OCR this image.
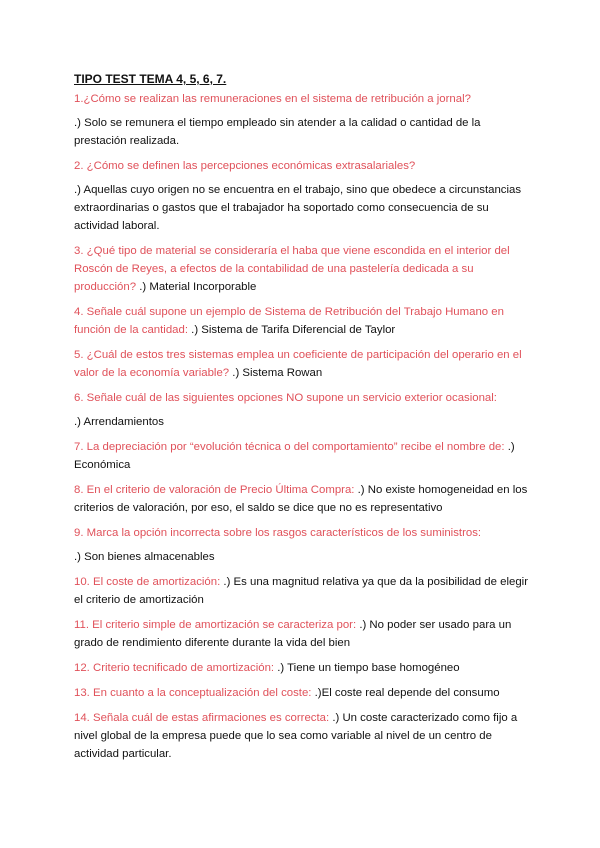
TIPO TEST TEMA 4, 5, 6, 7.

1.¿Cómo se realizan las remuneraciones en el sistema de retribución a jornal?
.) Solo se remunera el tiempo empleado sin atender a la calidad o cantidad de la prestación realizada.
2. ¿Cómo se definen las percepciones económicas extrasalariales?
.) Aquellas cuyo origen no se encuentra en el trabajo, sino que obedece a circunstancias extraordinarias o gastos que el trabajador ha soportado como consecuencia de su actividad laboral.
3. ¿Qué tipo de material se consideraría el haba que viene escondida en el interior del Roscón de Reyes, a efectos de la contabilidad de una pastelería dedicada a su producción? .) Material Incorporable
4. Señale cuál supone un ejemplo de Sistema de Retribución del Trabajo Humano en función de la cantidad: .) Sistema de Tarifa Diferencial de Taylor
5. ¿Cuál de estos tres sistemas emplea un coeficiente de participación del operario en el valor de la economía variable? .) Sistema Rowan
6. Señale cuál de las siguientes opciones NO supone un servicio exterior ocasional:
.) Arrendamientos
7. La depreciación por “evolución técnica o del comportamiento” recibe el nombre de: .) Económica
8. En el criterio de valoración de Precio Última Compra: .) No existe homogeneidad en los criterios de valoración, por eso, el saldo se dice que no es representativo
9. Marca la opción incorrecta sobre los rasgos característicos de los suministros:
.) Son bienes almacenables
10. El coste de amortización: .) Es una magnitud relativa ya que da la posibilidad de elegir el criterio de amortización
11. El criterio simple de amortización se caracteriza por: .) No poder ser usado para un grado de rendimiento diferente durante la vida del bien
12. Criterio tecnificado de amortización: .) Tiene un tiempo base homogéneo
13. En cuanto a la conceptualización del coste: .)El coste real depende del consumo
14. Señala cuál de estas afirmaciones es correcta: .) Un coste caracterizado como fijo a nivel global de la empresa puede que lo sea como variable al nivel de un centro de actividad particular.
